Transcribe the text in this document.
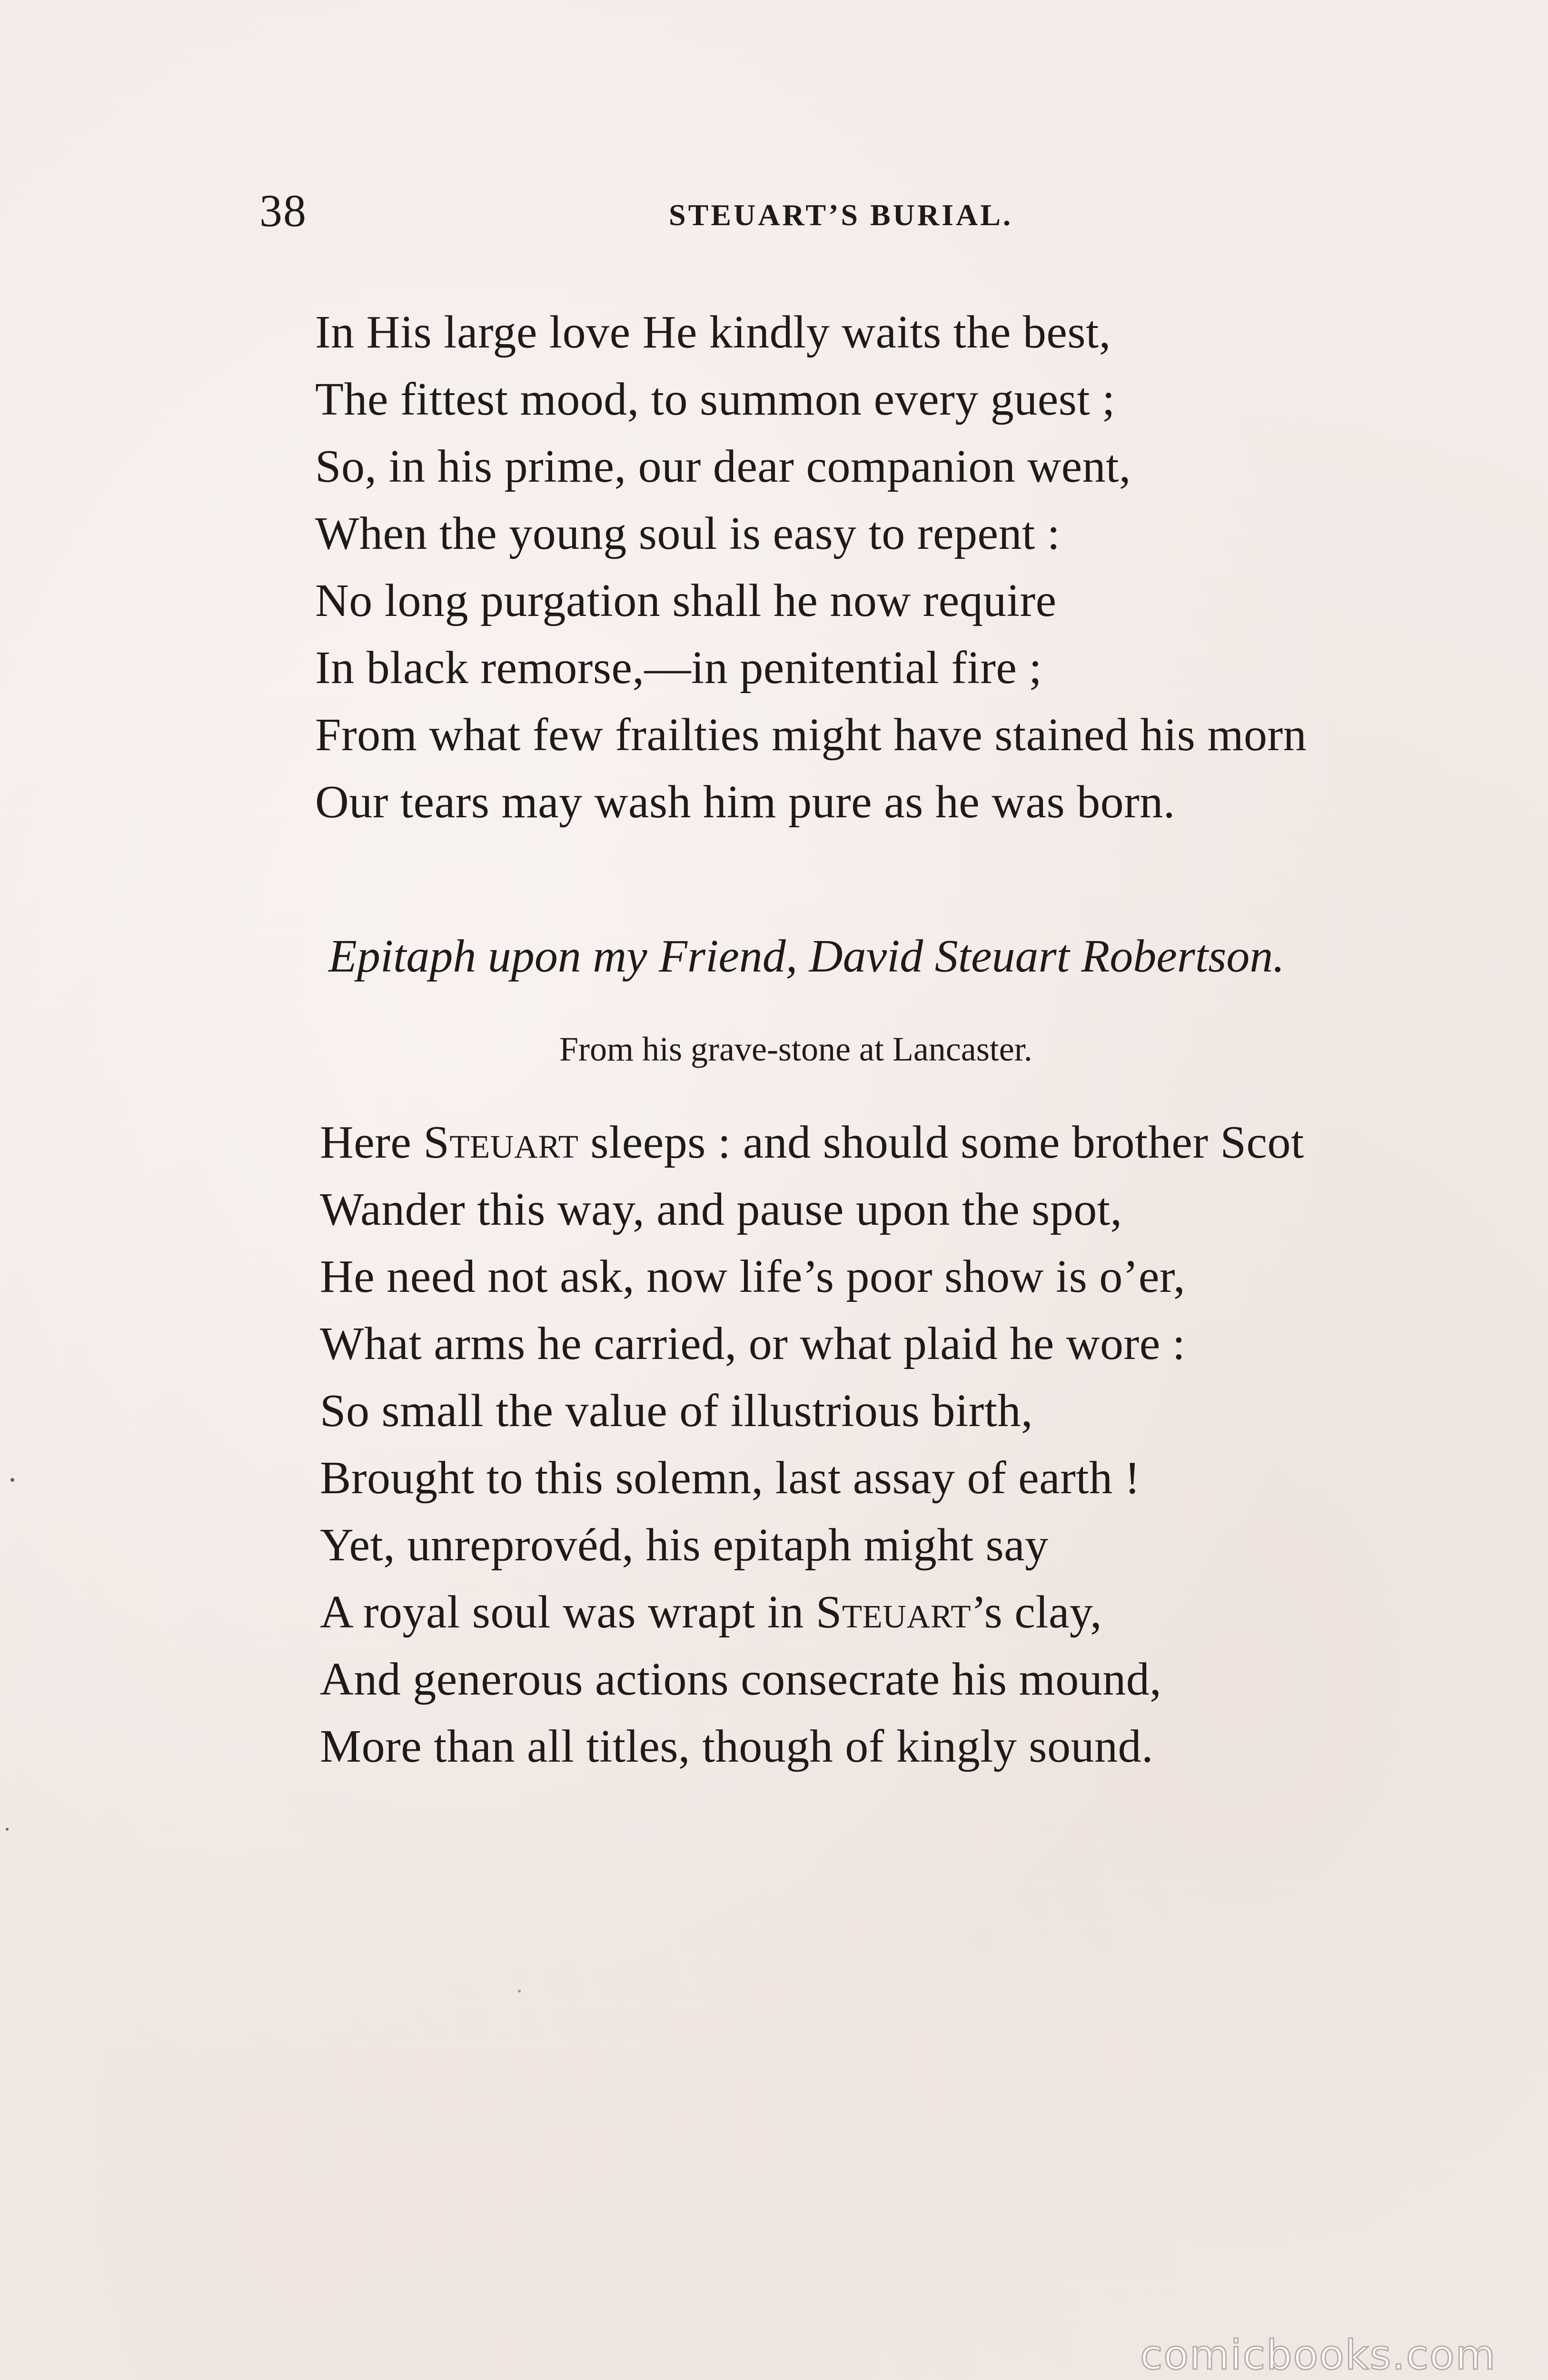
38	STEUART’S BURIAL.
In His large love He kindly waits the best,
The fittest mood, to summon every guest ;
So, in his prime, our dear companion went,
When the young soul is easy to repent :
No long purgation shall he now require
In black remorse,—in penitential fire ;
From what few frailties might have stained his morn
Our tears may wash him pure as he was born.
Epitaph upon my Friend, David Steuart Robertson.
From his grave-stone at Lancaster.
Here Steuart sleeps : and should some brother Scot
Wander this way, and pause upon the spot,
He need not ask, now life’s poor show is o’er,
What arms he carried, or what plaid he wore :
So small the value of illustrious birth,
Brought to this solemn, last assay of earth !
Yet, unreprovéd, his epitaph might say
A royal soul was wrapt in Steuart’s clay,
And generous actions consecrate his mound,
More than all titles, though of kingly sound.
comicbooks.com
